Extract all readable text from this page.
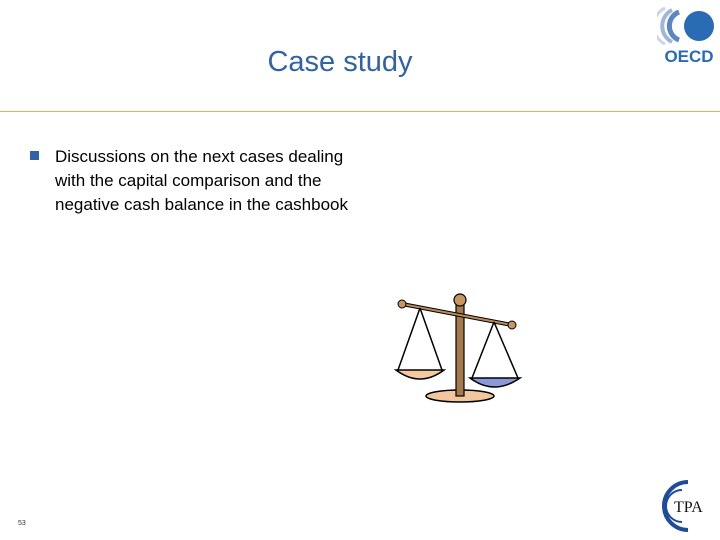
Case study	OECD
Discussions on the next cases dealing with the capital comparison and the negative cash balance in the cashbook
53
TPA
